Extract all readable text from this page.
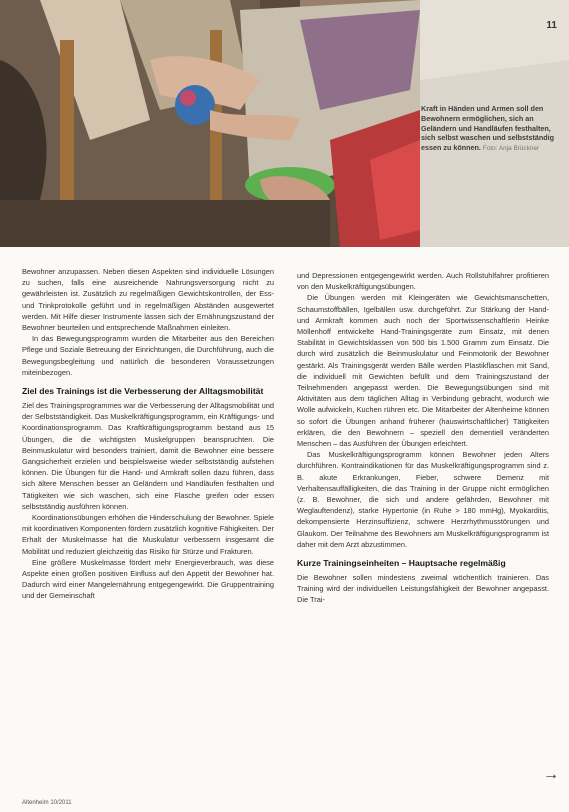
Kraft in Händen und Armen soll den Bewohnern ermöglichen, sich an Geländern und Handläufen festhalten, sich selbst waschen und selbstständig essen zu können. Foto: Anja Brückner
11

Bewohner anzupassen. Neben diesen Aspekten sind individuelle Lösungen zu suchen, falls eine ausreichende Nahrungsversorgung nicht zu gewährleisten ist. Zusätzlich zu regelmäßigen Gewichtskontrollen, der Ess- und Trinkprotokolle geführt und in regelmäßigen Abständen ausgewertet werden. Mit Hilfe dieser Instrumente lassen sich der Ernährungszustand der Bewohner beurteilen und entsprechende Maßnahmen einleiten.

In das Bewegungsprogramm wurden die Mitarbeiter aus den Bereichen Pflege und Soziale Betreuung der Einrichtungen, die Durchführung, auch die Bewegungsbegleitung und natürlich die besonderen Voraussetzungen miteinbezogen.

Ziel des Trainings ist die Verbesserung der Alltagsmobilität

Ziel des Trainingsprogrammes war die Verbesserung der Alltagsmobilität und der Selbstständigkeit. Das Muskelkräftigungsprogramm, ein Kräftigungs- und Koordinationsprogramm. Das Kraftkräftigungsprogramm bestand aus 15 Übungen, die die wichtigsten Muskelgruppen beanspruchten. Die Beinmuskulatur wird besonders trainiert, damit die Bewohner eine bessere Gangsicherheit erzielen und beispielsweise wieder selbstständig aufstehen können. Die Übungen für die Hand- und Armkraft sollen dazu führen, dass sich ältere Menschen besser an Geländern und Handläufen festhalten und Tätigkeiten wie sich waschen, sich eine Flasche greifen oder essen selbstständig ausführen können.

Koordinationsübungen erhöhen die Hinderschulung der Bewohner. Spiele mit koordinativen Komponenten fördern zusätzlich kognitive Fähigkeiten. Der Erhalt der Muskelmasse hat die Muskulatur verbessern insgesamt die Mobilität und reduziert gleichzeitig das Risiko für Stürze und Frakturen.

Eine größere Muskelmasse fördert mehr Energieverbrauch, was diese Aspekte einen großen positiven Einfluss auf den Appetit der Bewohner hat. Dadurch wird einer Mangelernährung entgegengewirkt. Die Gruppentraining und der Gemeinschaft

und Depressionen entgegengewirkt werden. Auch Rollstuhlfahrer profitieren von den Muskelkräftigungsübungen.

Die Übungen werden mit Kleingeräten wie Gewichtsmanschetten, Schaumstoffbällen, Igelbällen usw. durchgeführt. Zur Stärkung der Hand- und Armkraft kommen auch noch der Sportwissenschaftlerin Heinke Möllenhoff entwickelte Hand-Trainingsgeräte zum Einsatz, mit denen Stabilität in Gewichtsklassen von 500 bis 1.500 Gramm zum Einsatz. Die durch wird zusätzlich die Beinmuskulatur und Feinmotorik der Bewohner gestärkt. Als Trainingsgerät werden Bälle werden Plastikflaschen mit Sand, die individuell mit Gewichten befüllt und dem Trainingszustand der Teilnehmenden angepasst werden. Die Bewegungsübungen sind mit Aktivitäten aus dem täglichen Alltag in Verbindung gebracht, wodurch wie Wolle aufwickeln, Kuchen rühren etc. Die Mitarbeiter der Altenheime können so sofort die Übungen anhand früherer (hauswirtschaftlicher) Tätigkeiten erklären, die den Bewohnern – speziell den dementiell veränderten Menschen – das Ausführen der Übungen erleichtert.

Das Muskelkräftigungsprogramm können Bewohner jeden Alters durchführen. Kontraindikationen für das Muskelkräftigungsprogramm sind z. B. akute Erkrankungen, Fieber, schwere Demenz mit Verhaltensauffälligkeiten, die das Training in der Gruppe nicht ermöglichen (z. B. Bewohner, die sich und andere gefährden, Bewohner mit Weglauftendenz), starke Hypertonie (in Ruhe > 180 mmHg), Myokarditis, dekompensierte Herzinsuffizienz, schwere Herzrhythmusstörungen und Glaukom. Der Teilnahme des Bewohners am Muskelkräftigungsprogramm ist daher mit dem Arzt abzustimmen.

Kurze Trainingseinheiten – Hauptsache regelmäßig

Die Bewohner sollen mindestens zweimal wöchentlich trainieren. Das Training wird der individuellen Leistungsfähigkeit der Bewohner angepasst. Die Trai-

→
Altenheim 10/2011
